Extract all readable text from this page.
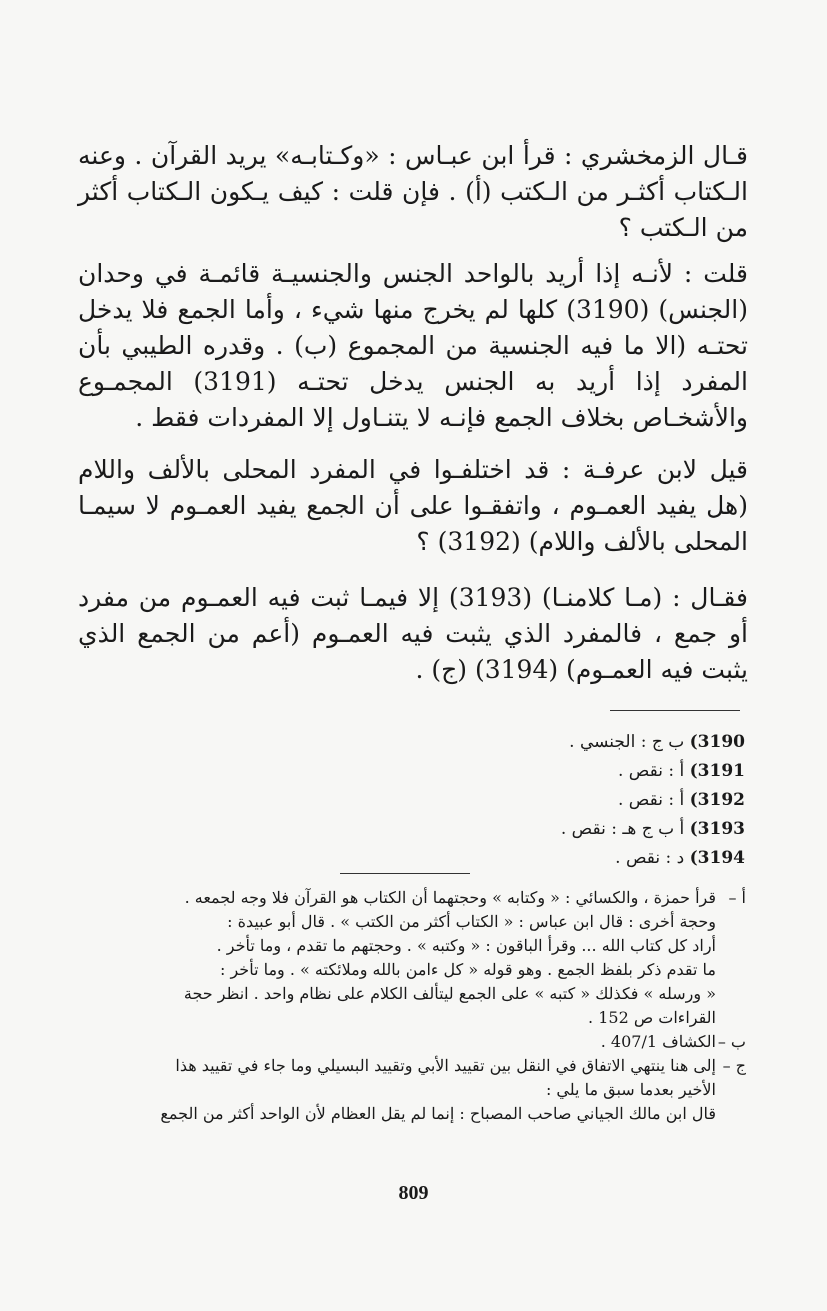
قـال الزمخشري : قرأ ابن عبـاس : «وكـتابـه» يريد القرآن . وعنه الـكتاب أكثـر من الـكتب (أ) . فإن قلت : كيف يـكون الـكتاب أكثر من الـكتب ؟

قلت : لأنـه إذا أريد بالواحد الجنس والجنسيـة قائمـة في وحدان (الجنس) (3190) كلها لم يخرج منها شيء ، وأما الجمع فلا يدخل تحتـه (الا ما فيه الجنسية من المجموع (ب) . وقدره الطيبي بأن المفرد إذا أريد به الجنس يدخل تحتـه (3191) المجمـوع والأشخـاص بخلاف الجمع فإنـه لا يتنـاول إلا المفردات فقط .

قيل لابن عرفـة : قد اختلفـوا في المفرد المحلى بالألف واللام (هل يفيد العمـوم ، واتفقـوا على أن الجمع يفيد العمـوم لا سيمـا المحلى بالألف واللام) (3192) ؟

فقـال : (مـا كلامنـا) (3193) إلا فيمـا ثبت فيه العمـوم من مفرد أو جمع ، فالمفرد الذي يثبت فيه العمـوم (أعم من الجمع الذي يثبت فيه العمـوم) (3194) (ج) .

3190) ب ج : الجنسي .
3191) أ : نقص .
3192) أ : نقص .
3193) أ ب ج هـ : نقص .
3194) د : نقص .
أ –
قرأ حمزة ، والكسائي : « وكتابه » وحجتهما أن الكتاب هو القرآن فلا وجه لجمعه .
وحجة أخرى : قال ابن عباس : « الكتاب أكثر من الكتب » . قال أبو عبيدة :
أراد كل كتاب الله ... وقرأ الباقون : « وكتبه » . وحجتهم ما تقدم ، وما تأخر .
ما تقدم ذكر بلفظ الجمع . وهو قوله « كل ءامن بالله وملائكته » . وما تأخر :
« ورسله » فكذلك « كتبه » على الجمع ليتألف الكلام على نظام واحد . انظر حجة
القراءات ص 152 .
ب –
الكشاف 407/1 .
ج –
إلى هنا ينتهي الاتفاق في النقل بين تقييد الأبي وتقييد البسيلي وما جاء في تقييد هذا
الأخير بعدما سبق ما يلي :
قال ابن مالك الجياني صاحب المصباح : إنما لم يقل العظام لأن الواحد أكثر من الجمع
809
